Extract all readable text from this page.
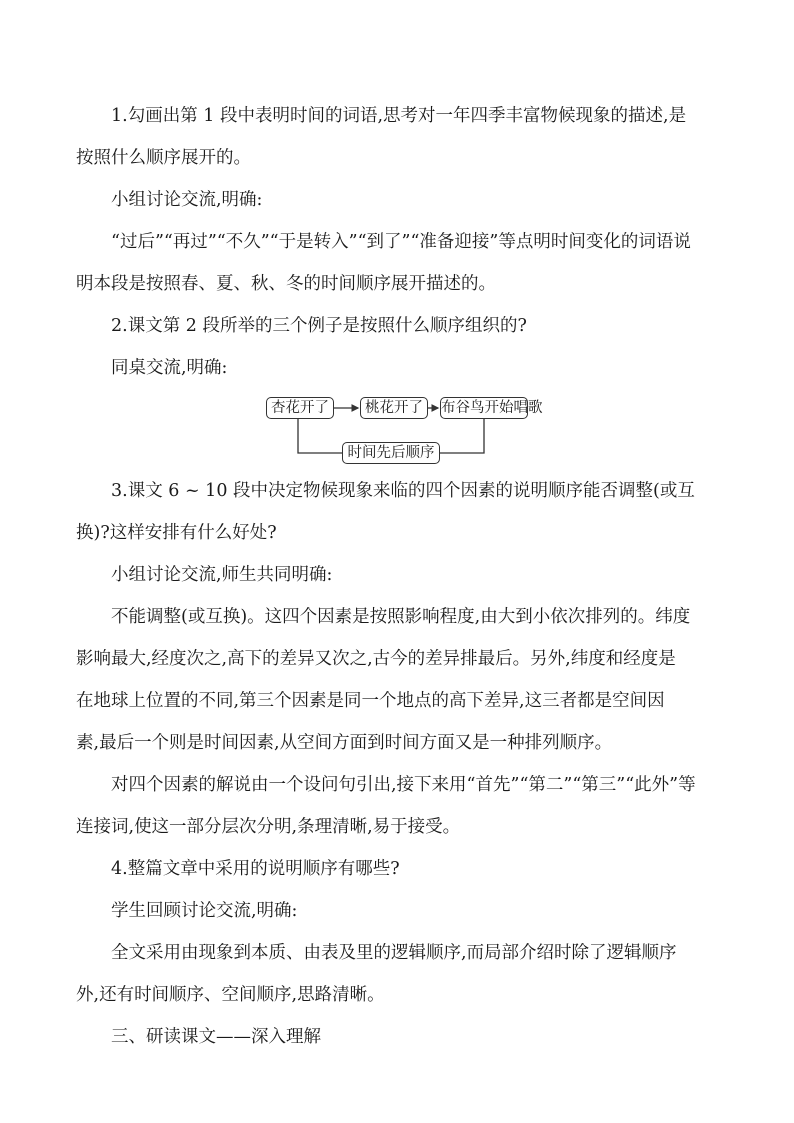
1.勾画出第 1 段中表明时间的词语,思考对一年四季丰富物候现象的描述,是
按照什么顺序展开的。
小组讨论交流,明确:
“过后”“再过”“不久”“于是转入”“到了”“准备迎接”等点明时间变化的词语说
明本段是按照春、夏、秋、冬的时间顺序展开描述的。
2.课文第 2 段所举的三个例子是按照什么顺序组织的?
同桌交流,明确:
杏花开了	桃花开了	布谷鸟开始唱歌
时间先后顺序
3.课文 6 ~ 10 段中决定物候现象来临的四个因素的说明顺序能否调整(或互
换)?这样安排有什么好处?
小组讨论交流,师生共同明确:
不能调整(或互换)。这四个因素是按照影响程度,由大到小依次排列的。纬度
影响最大,经度次之,高下的差异又次之,古今的差异排最后。另外,纬度和经度是
在地球上位置的不同,第三个因素是同一个地点的高下差异,这三者都是空间因
素,最后一个则是时间因素,从空间方面到时间方面又是一种排列顺序。
对四个因素的解说由一个设问句引出,接下来用“首先”“第二”“第三”“此外”等
连接词,使这一部分层次分明,条理清晰,易于接受。
4.整篇文章中采用的说明顺序有哪些?
学生回顾讨论交流,明确:
全文采用由现象到本质、由表及里的逻辑顺序,而局部介绍时除了逻辑顺序
外,还有时间顺序、空间顺序,思路清晰。
三、研读课文——深入理解
